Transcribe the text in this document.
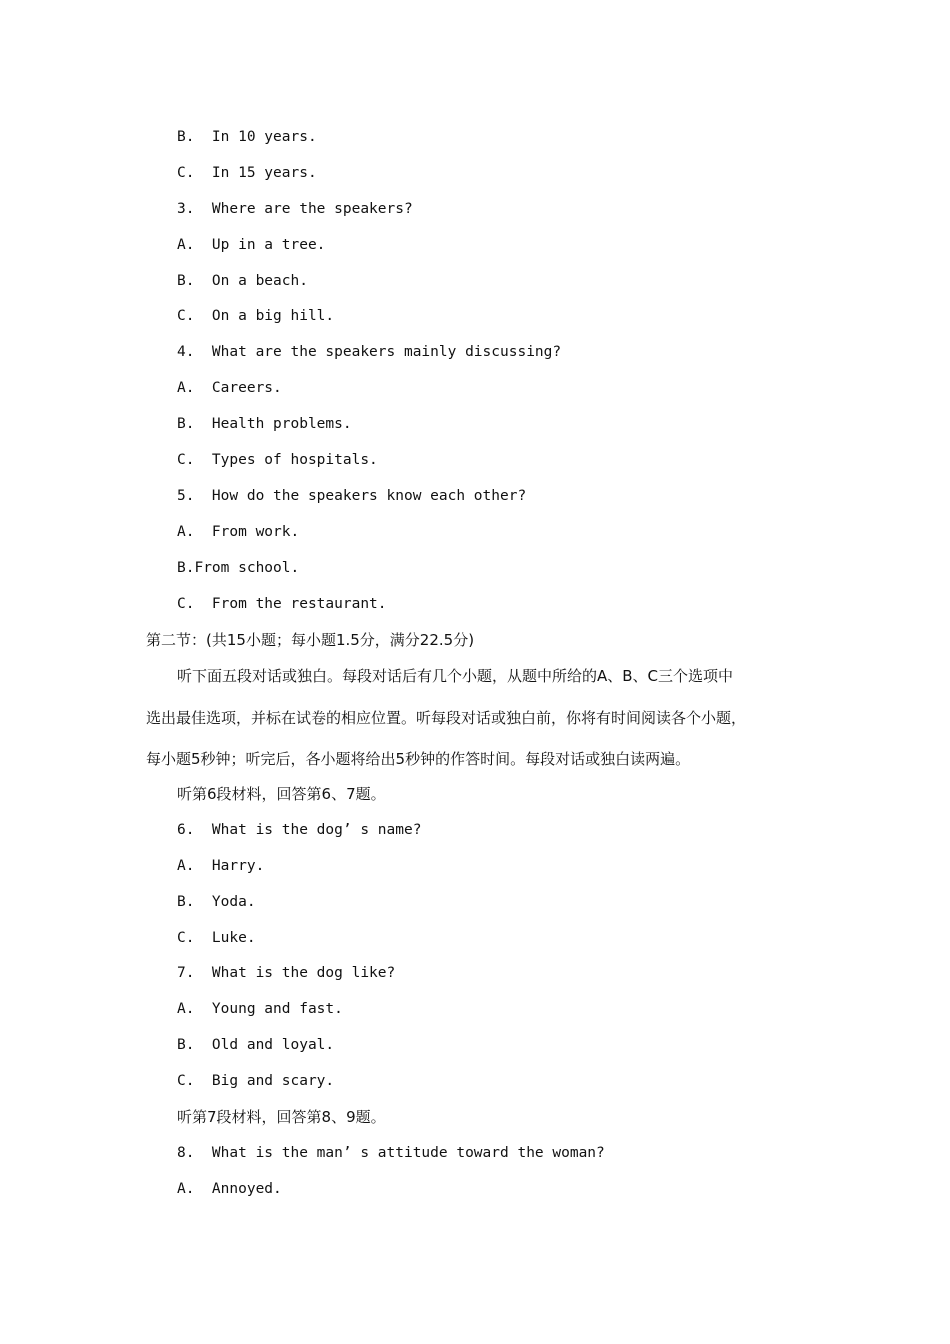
B.  In 10 years.
C.  In 15 years.
3.  Where are the speakers?
A.  Up in a tree.
B.  On a beach.
C.  On a big hill.
4.  What are the speakers mainly discussing?
A.  Careers.
B.  Health problems.
C.  Types of hospitals.
5.  How do the speakers know each other?
A.  From work.
B.From school.
C.  From the restaurant.
第二节：(共15小题；每小题1.5分，满分22.5分)
听下面五段对话或独白。每段对话后有几个小题，从题中所给的A、B、C三个选项中
选出最佳选项，并标在试卷的相应位置。听每段对话或独白前，你将有时间阅读各个小题，
每小题5秒钟；听完后，各小题将给出5秒钟的作答时间。每段对话或独白读两遍。
听第6段材料，回答第6、7题。
6.  What is the dog’ s name?
A.  Harry.
B.  Yoda.
C.  Luke.
7.  What is the dog like?
A.  Young and fast.
B.  Old and loyal.
C.  Big and scary.
听第7段材料，回答第8、9题。
8.  What is the man’ s attitude toward the woman?
A.  Annoyed.
